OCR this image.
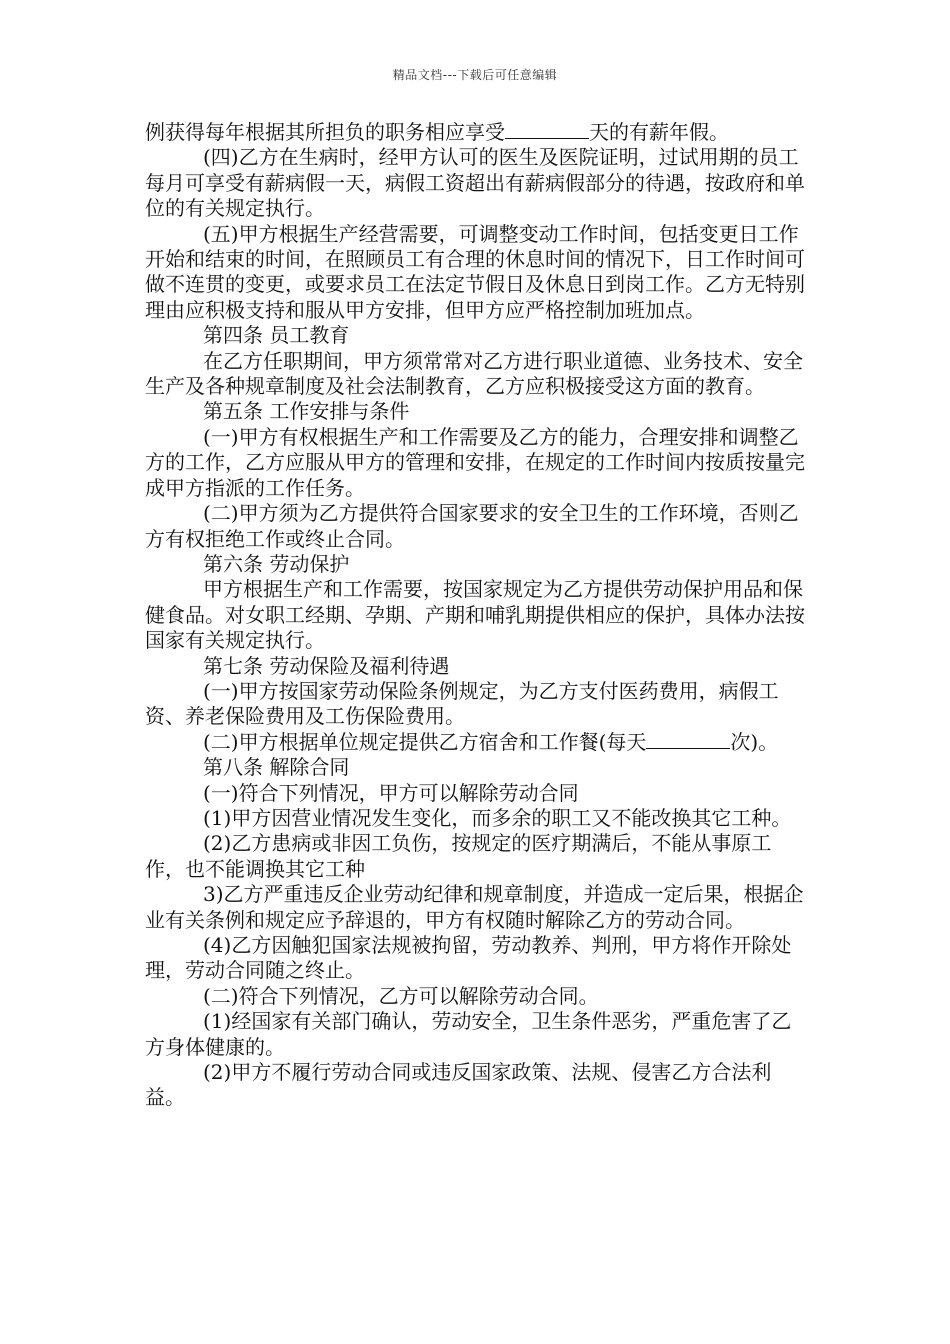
精品文档---下载后可任意编辑

例获得每年根据其所担负的职务相应享受	天的有薪年假。

(四)乙方在生病时，经甲方认可的医生及医院证明，过试用期的员工每月可享受有薪病假一天，病假工资超出有薪病假部分的待遇，按政府和单位的有关规定执行。

(五)甲方根据生产经营需要，可调整变动工作时间，包括变更日工作开始和结束的时间，在照顾员工有合理的休息时间的情况下，日工作时间可做不连贯的变更，或要求员工在法定节假日及休息日到岗工作。乙方无特别理由应积极支持和服从甲方安排，但甲方应严格控制加班加点。

第四条 员工教育

在乙方任职期间，甲方须常常对乙方进行职业道德、业务技术、安全生产及各种规章制度及社会法制教育，乙方应积极接受这方面的教育。

第五条 工作安排与条件

(一)甲方有权根据生产和工作需要及乙方的能力，合理安排和调整乙方的工作，乙方应服从甲方的管理和安排，在规定的工作时间内按质按量完成甲方指派的工作任务。

(二)甲方须为乙方提供符合国家要求的安全卫生的工作环境，否则乙方有权拒绝工作或终止合同。

第六条 劳动保护

甲方根据生产和工作需要，按国家规定为乙方提供劳动保护用品和保健食品。对女职工经期、孕期、产期和哺乳期提供相应的保护，具体办法按国家有关规定执行。

第七条 劳动保险及福利待遇

(一)甲方按国家劳动保险条例规定，为乙方支付医药费用，病假工资、养老保险费用及工伤保险费用。

(二)甲方根据单位规定提供乙方宿舍和工作餐(每天	次)。

第八条 解除合同

(一)符合下列情况，甲方可以解除劳动合同

(1)甲方因营业情况发生变化，而多余的职工又不能改换其它工种。

(2)乙方患病或非因工负伤，按规定的医疗期满后，不能从事原工作，也不能调换其它工种

3)乙方严重违反企业劳动纪律和规章制度，并造成一定后果，根据企业有关条例和规定应予辞退的，甲方有权随时解除乙方的劳动合同。

(4)乙方因触犯国家法规被拘留，劳动教养、判刑，甲方将作开除处理，劳动合同随之终止。

(二)符合下列情况，乙方可以解除劳动合同。

(1)经国家有关部门确认，劳动安全，卫生条件恶劣，严重危害了乙方身体健康的。

(2)甲方不履行劳动合同或违反国家政策、法规、侵害乙方合法利益。
